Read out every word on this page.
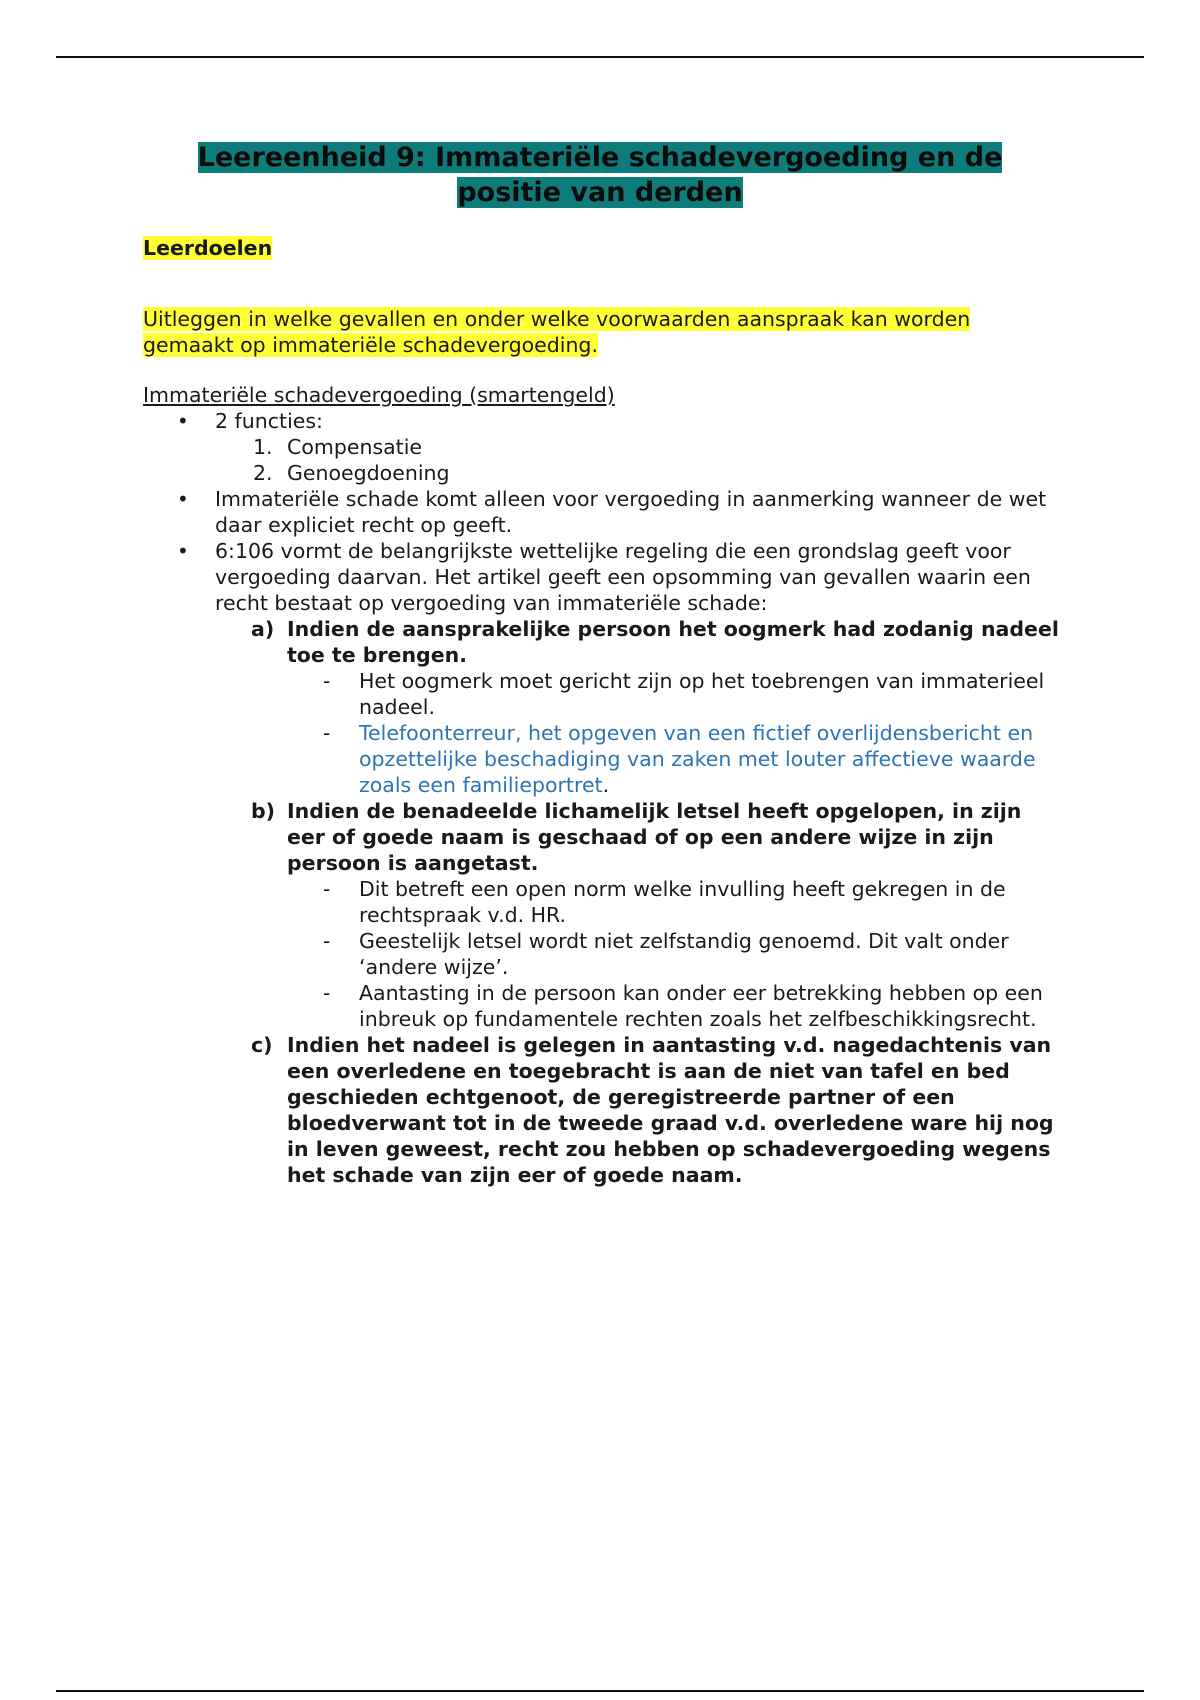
Leereenheid 9: Immateriële schadevergoeding en de
positie van derden
Leerdoelen
Uitleggen in welke gevallen en onder welke voorwaarden aanspraak kan worden gemaakt op immateriële schadevergoeding.
Immateriële schadevergoeding (smartengeld)
• 2 functies:
1. Compensatie
2. Genoegdoening
• Immateriële schade komt alleen voor vergoeding in aanmerking wanneer de wet daar expliciet recht op geeft.
• 6:106 vormt de belangrijkste wettelijke regeling die een grondslag geeft voor vergoeding daarvan. Het artikel geeft een opsomming van gevallen waarin een recht bestaat op vergoeding van immateriële schade:
a) Indien de aansprakelijke persoon het oogmerk had zodanig nadeel toe te brengen.
- Het oogmerk moet gericht zijn op het toebrengen van immaterieel nadeel.
- Telefoonterreur, het opgeven van een fictief overlijdensbericht en opzettelijke beschadiging van zaken met louter affectieve waarde zoals een familieportret.
b) Indien de benadeelde lichamelijk letsel heeft opgelopen, in zijn eer of goede naam is geschaad of op een andere wijze in zijn persoon is aangetast.
- Dit betreft een open norm welke invulling heeft gekregen in de rechtspraak v.d. HR.
- Geestelijk letsel wordt niet zelfstandig genoemd. Dit valt onder ‘andere wijze’.
- Aantasting in de persoon kan onder eer betrekking hebben op een inbreuk op fundamentele rechten zoals het zelfbeschikkingsrecht.
c) Indien het nadeel is gelegen in aantasting v.d. nagedachtenis van een overledene en toegebracht is aan de niet van tafel en bed geschieden echtgenoot, de geregistreerde partner of een bloedverwant tot in de tweede graad v.d. overledene ware hij nog in leven geweest, recht zou hebben op schadevergoeding wegens het schade van zijn eer of goede naam.
